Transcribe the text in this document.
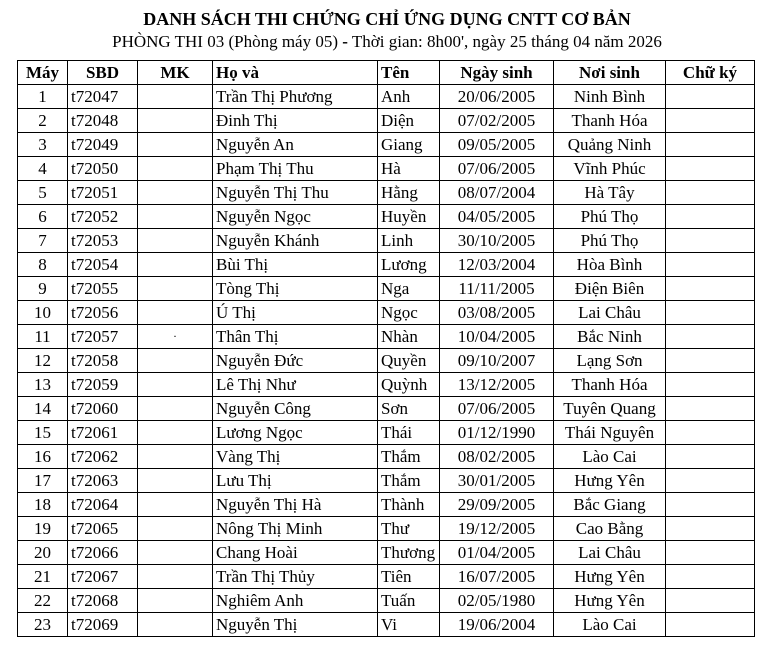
DANH SÁCH THI CHỨNG CHỈ ỨNG DỤNG CNTT CƠ BẢN
PHÒNG THI 03 (Phòng máy 05) - Thời gian: 8h00', ngày 25 tháng 04 năm 2026
Máy	SBD	MK	Họ và	Tên	Ngày sinh	Nơi sinh	Chữ ký
1	t72047		Trần Thị Phương	Anh	20/06/2005	Ninh Bình	
2	t72048		Đinh Thị	Diện	07/02/2005	Thanh Hóa	
3	t72049		Nguyễn An	Giang	09/05/2005	Quảng Ninh	
4	t72050		Phạm Thị Thu	Hà	07/06/2005	Vĩnh Phúc	
5	t72051		Nguyễn Thị Thu	Hằng	08/07/2004	Hà Tây	
6	t72052		Nguyễn Ngọc	Huyền	04/05/2005	Phú Thọ	
7	t72053		Nguyễn Khánh	Linh	30/10/2005	Phú Thọ	
8	t72054		Bùi Thị	Lương	12/03/2004	Hòa Bình	
9	t72055		Tòng Thị	Nga	11/11/2005	Điện Biên	
10	t72056		Ú Thị	Ngọc	03/08/2005	Lai Châu	
11	t72057	·	Thân Thị	Nhàn	10/04/2005	Bắc Ninh	
12	t72058		Nguyễn Đức	Quyền	09/10/2007	Lạng Sơn	
13	t72059		Lê Thị Như	Quỳnh	13/12/2005	Thanh Hóa	
14	t72060		Nguyễn Công	Sơn	07/06/2005	Tuyên Quang	
15	t72061		Lương Ngọc	Thái	01/12/1990	Thái Nguyên	
16	t72062		Vàng Thị	Thắm	08/02/2005	Lào Cai	
17	t72063		Lưu Thị	Thắm	30/01/2005	Hưng Yên	
18	t72064		Nguyễn Thị Hà	Thành	29/09/2005	Bắc Giang	
19	t72065		Nông Thị Minh	Thư	19/12/2005	Cao Bằng	
20	t72066		Chang Hoài	Thương	01/04/2005	Lai Châu	
21	t72067		Trần Thị Thủy	Tiên	16/07/2005	Hưng Yên	
22	t72068		Nghiêm Anh	Tuấn	02/05/1980	Hưng Yên	
23	t72069		Nguyễn Thị	Vi	19/06/2004	Lào Cai	
